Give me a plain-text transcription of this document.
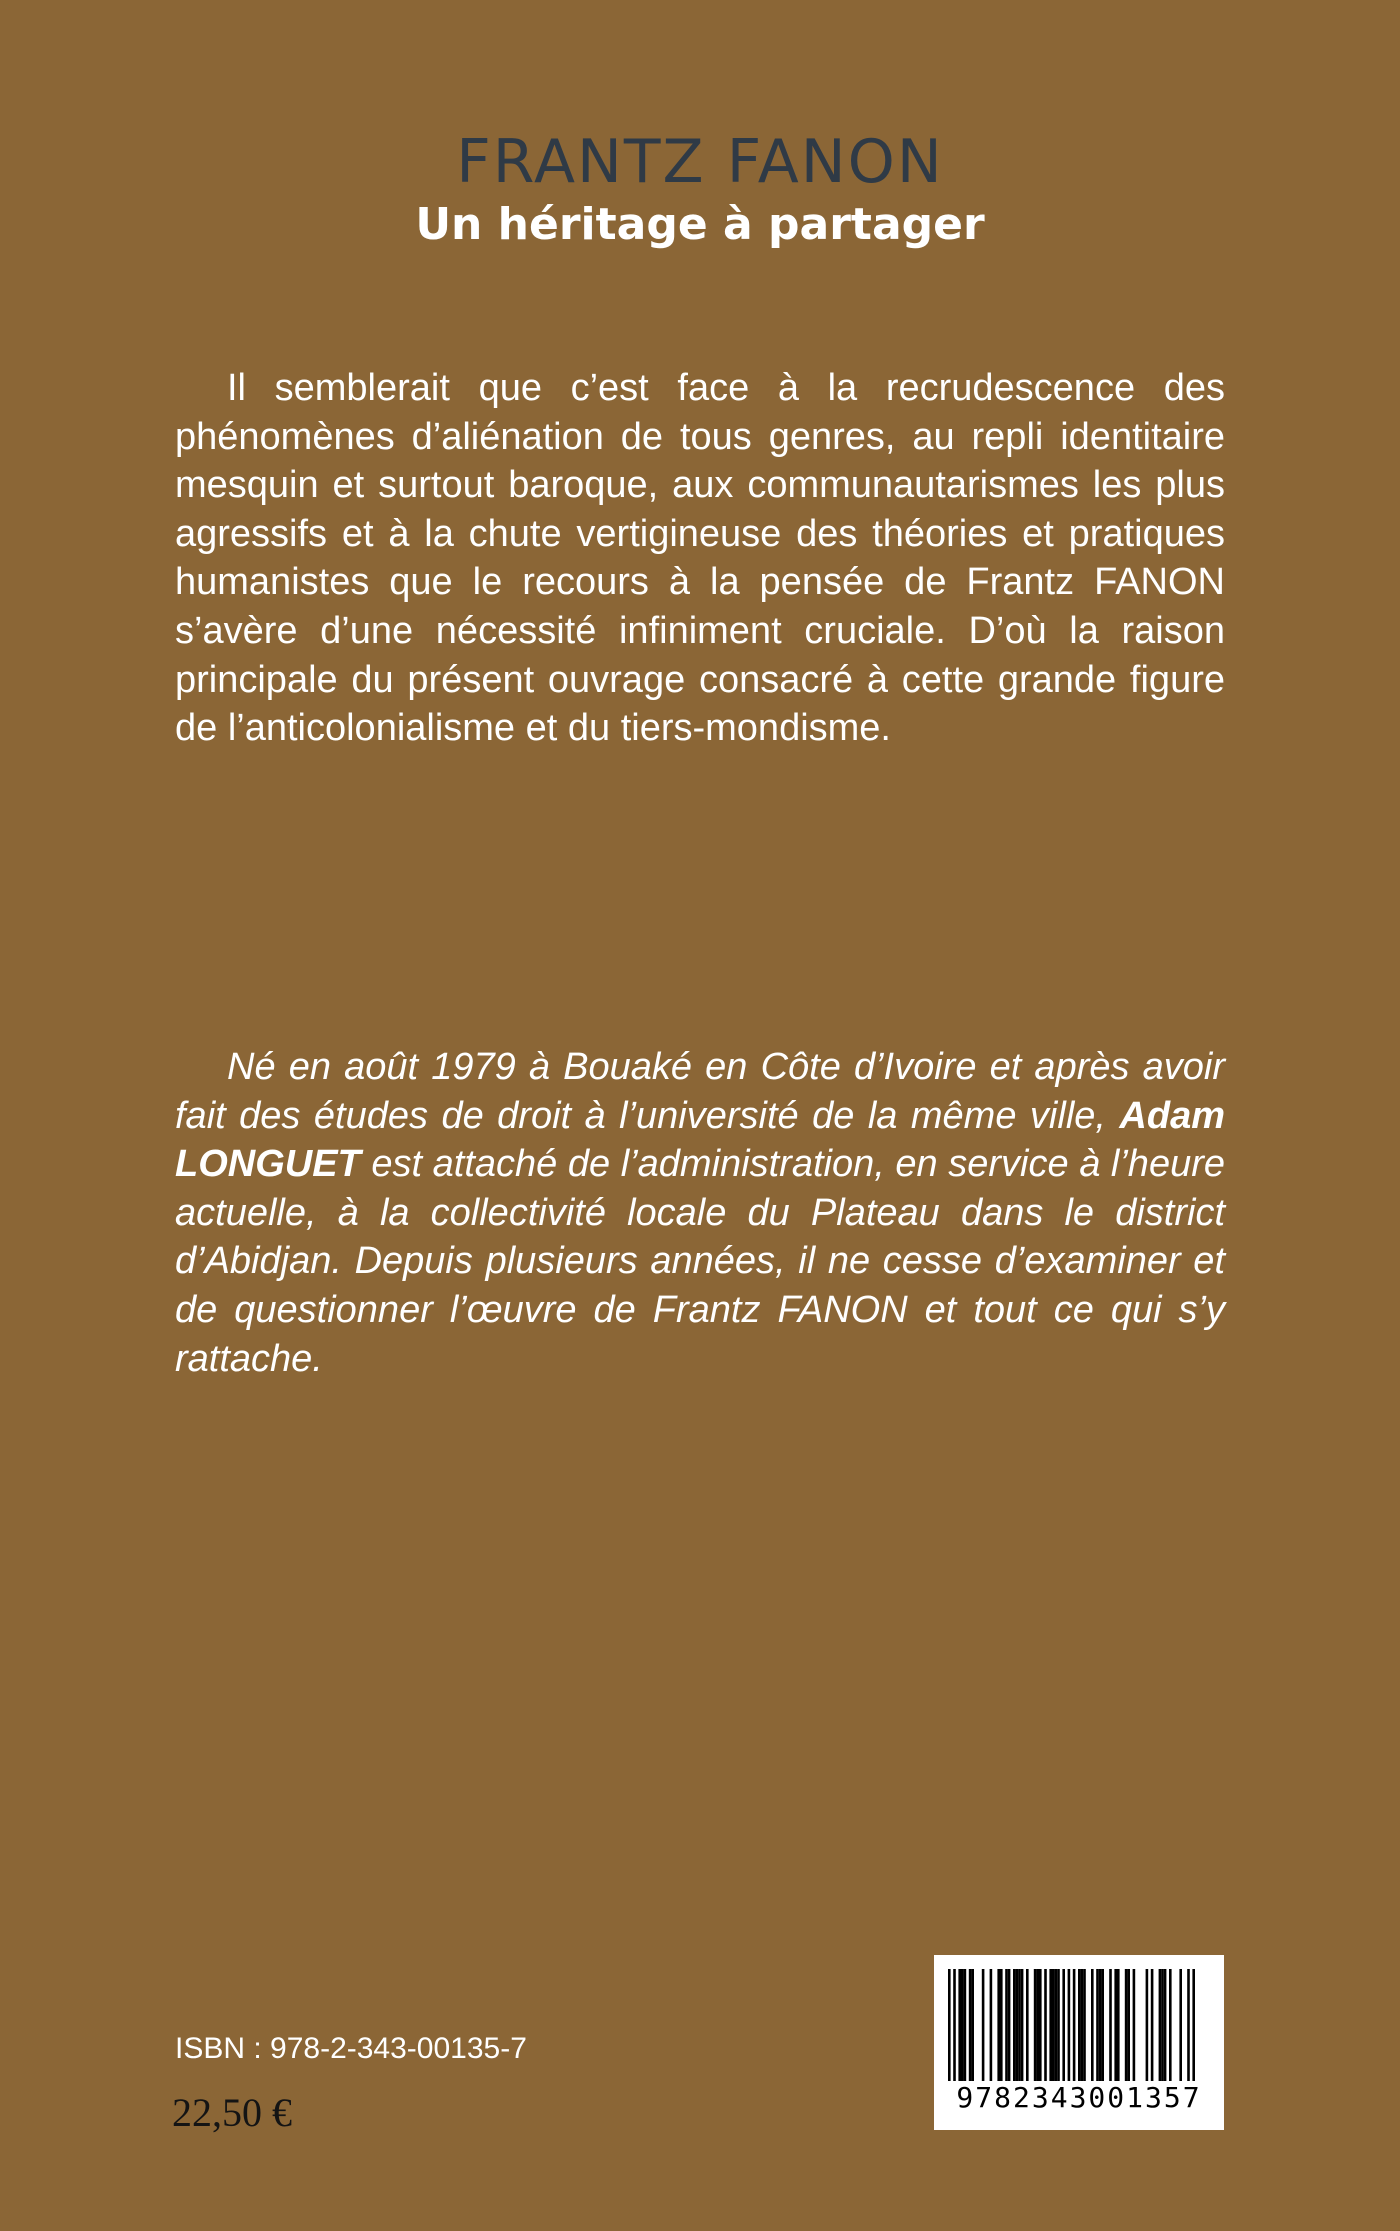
FRANTZ FANON
Un héritage à partager

Il semblerait que c’est face à la recrudescence des phénomènes d’aliénation de tous genres, au repli identitaire mesquin et surtout baroque, aux communautarismes les plus agressifs et à la chute vertigineuse des théories et pratiques humanistes que le recours à la pensée de Frantz FANON s’avère d’une nécessité infiniment cruciale. D’où la raison principale du présent ouvrage consacré à cette grande figure de l’anticolonialisme et du tiers-mondisme.

Né en août 1979 à Bouaké en Côte d’Ivoire et après avoir fait des études de droit à l’université de la même ville, Adam LONGUET est attaché de l’administration, en service à l’heure actuelle, à la collectivité locale du Plateau dans le district d’Abidjan. Depuis plusieurs années, il ne cesse d’examiner et de questionner l’œuvre de Frantz FANON et tout ce qui s’y rattache.

ISBN : 978-2-343-00135-7

22,50 €	9782343001357
